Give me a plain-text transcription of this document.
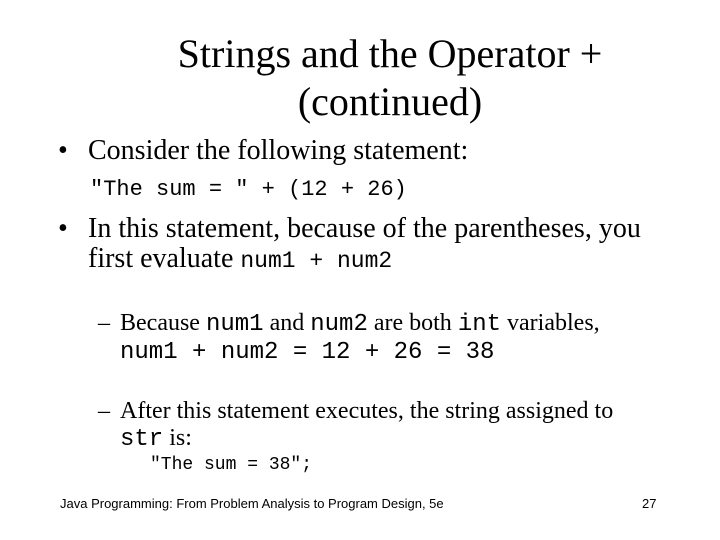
Strings and the Operator +
(continued)
• Consider the following statement:
"The sum = " + (12 + 26)
• In this statement, because of the parentheses, you first evaluate num1 + num2
– Because num1 and num2 are both int variables, num1 + num2 = 12 + 26 = 38
– After this statement executes, the string assigned to str is:
"The sum = 38";
Java Programming: From Problem Analysis to Program Design, 5e	27
